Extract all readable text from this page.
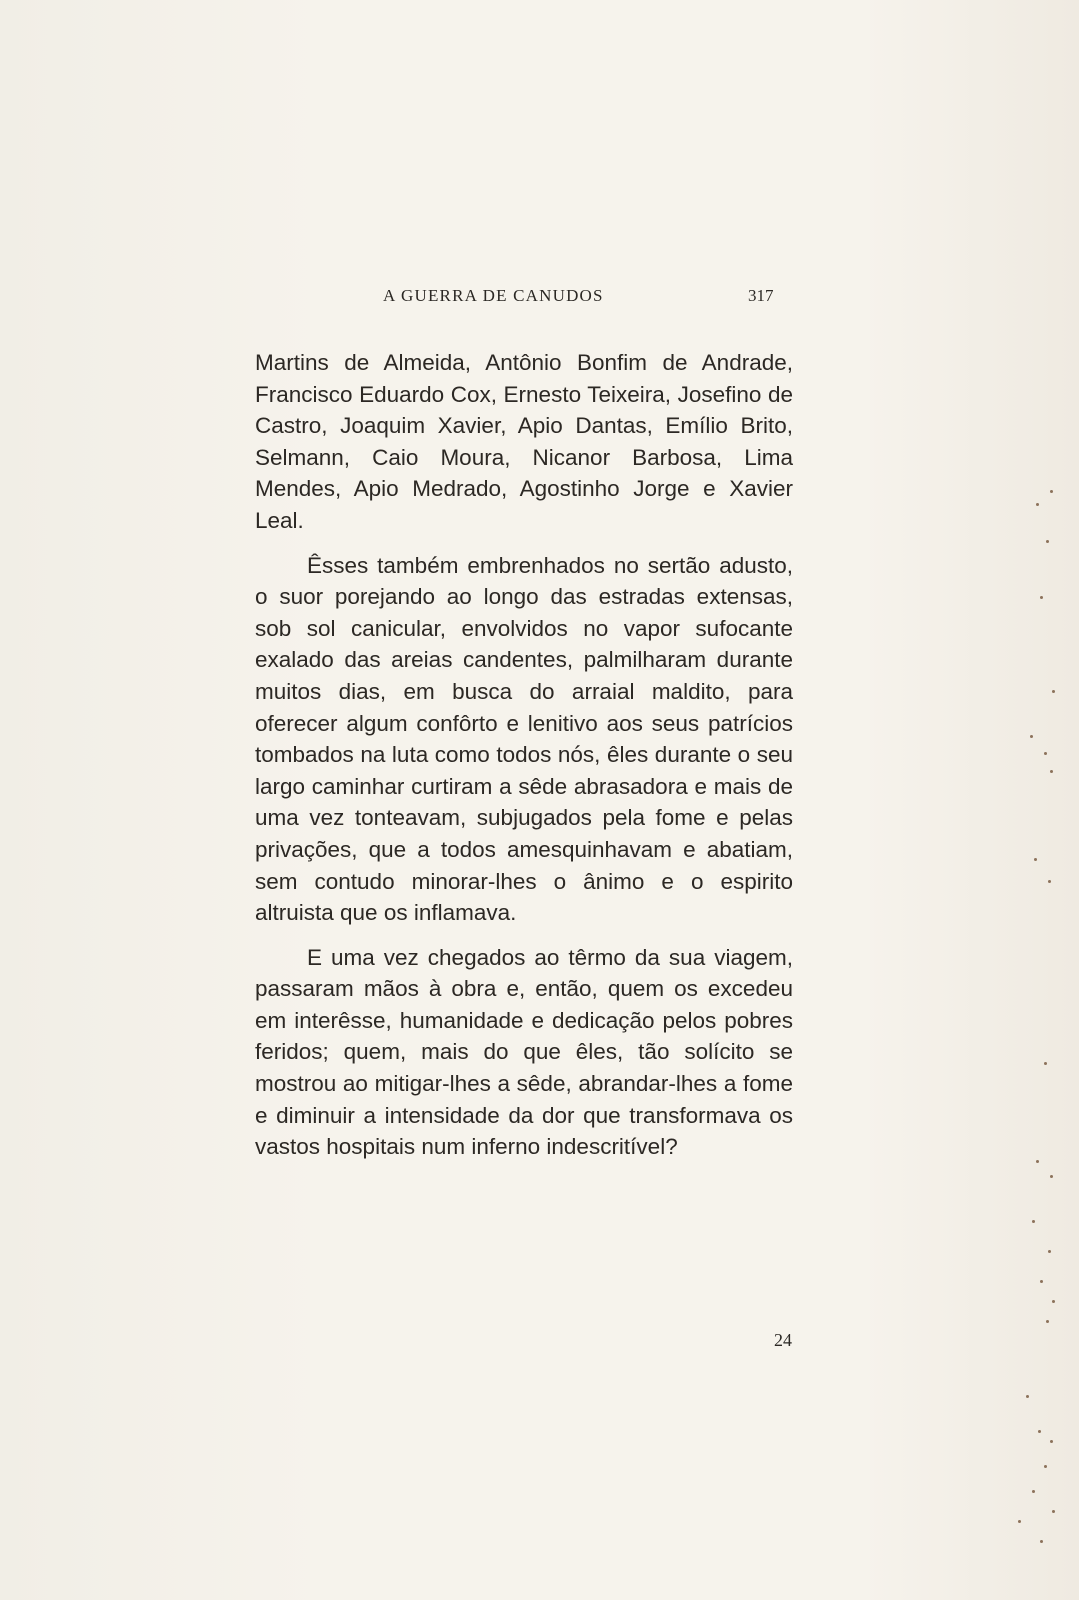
A GUERRA DE CANUDOS	317

Martins de Almeida, Antônio Bonfim de Andrade, Francisco Eduardo Cox, Ernesto Teixeira, Josefino de Castro, Joaquim Xavier, Apio Dantas, Emílio Brito, Selmann, Caio Moura, Nicanor Barbosa, Lima Mendes, Apio Medrado, Agostinho Jorge e Xavier Leal.

Êsses também embrenhados no sertão adusto, o suor porejando ao longo das estradas extensas, sob sol canicular, envolvidos no vapor sufocante exalado das areias candentes, palmilharam durante muitos dias, em busca do arraial maldito, para oferecer algum confôrto e lenitivo aos seus patrícios tombados na luta como todos nós, êles durante o seu largo caminhar curtiram a sêde abrasadora e mais de uma vez tonteavam, subjugados pela fome e pelas privações, que a todos amesquinhavam e abatiam, sem contudo minorar-lhes o ânimo e o espirito altruista que os inflamava.

E uma vez chegados ao têrmo da sua viagem, passaram mãos à obra e, então, quem os excedeu em interêsse, humanidade e dedicação pelos pobres feridos; quem, mais do que êles, tão solícito se mostrou ao mitigar-lhes a sêde, abrandar-lhes a fome e diminuir a intensidade da dor que transformava os vastos hospitais num inferno indescritível?

24
